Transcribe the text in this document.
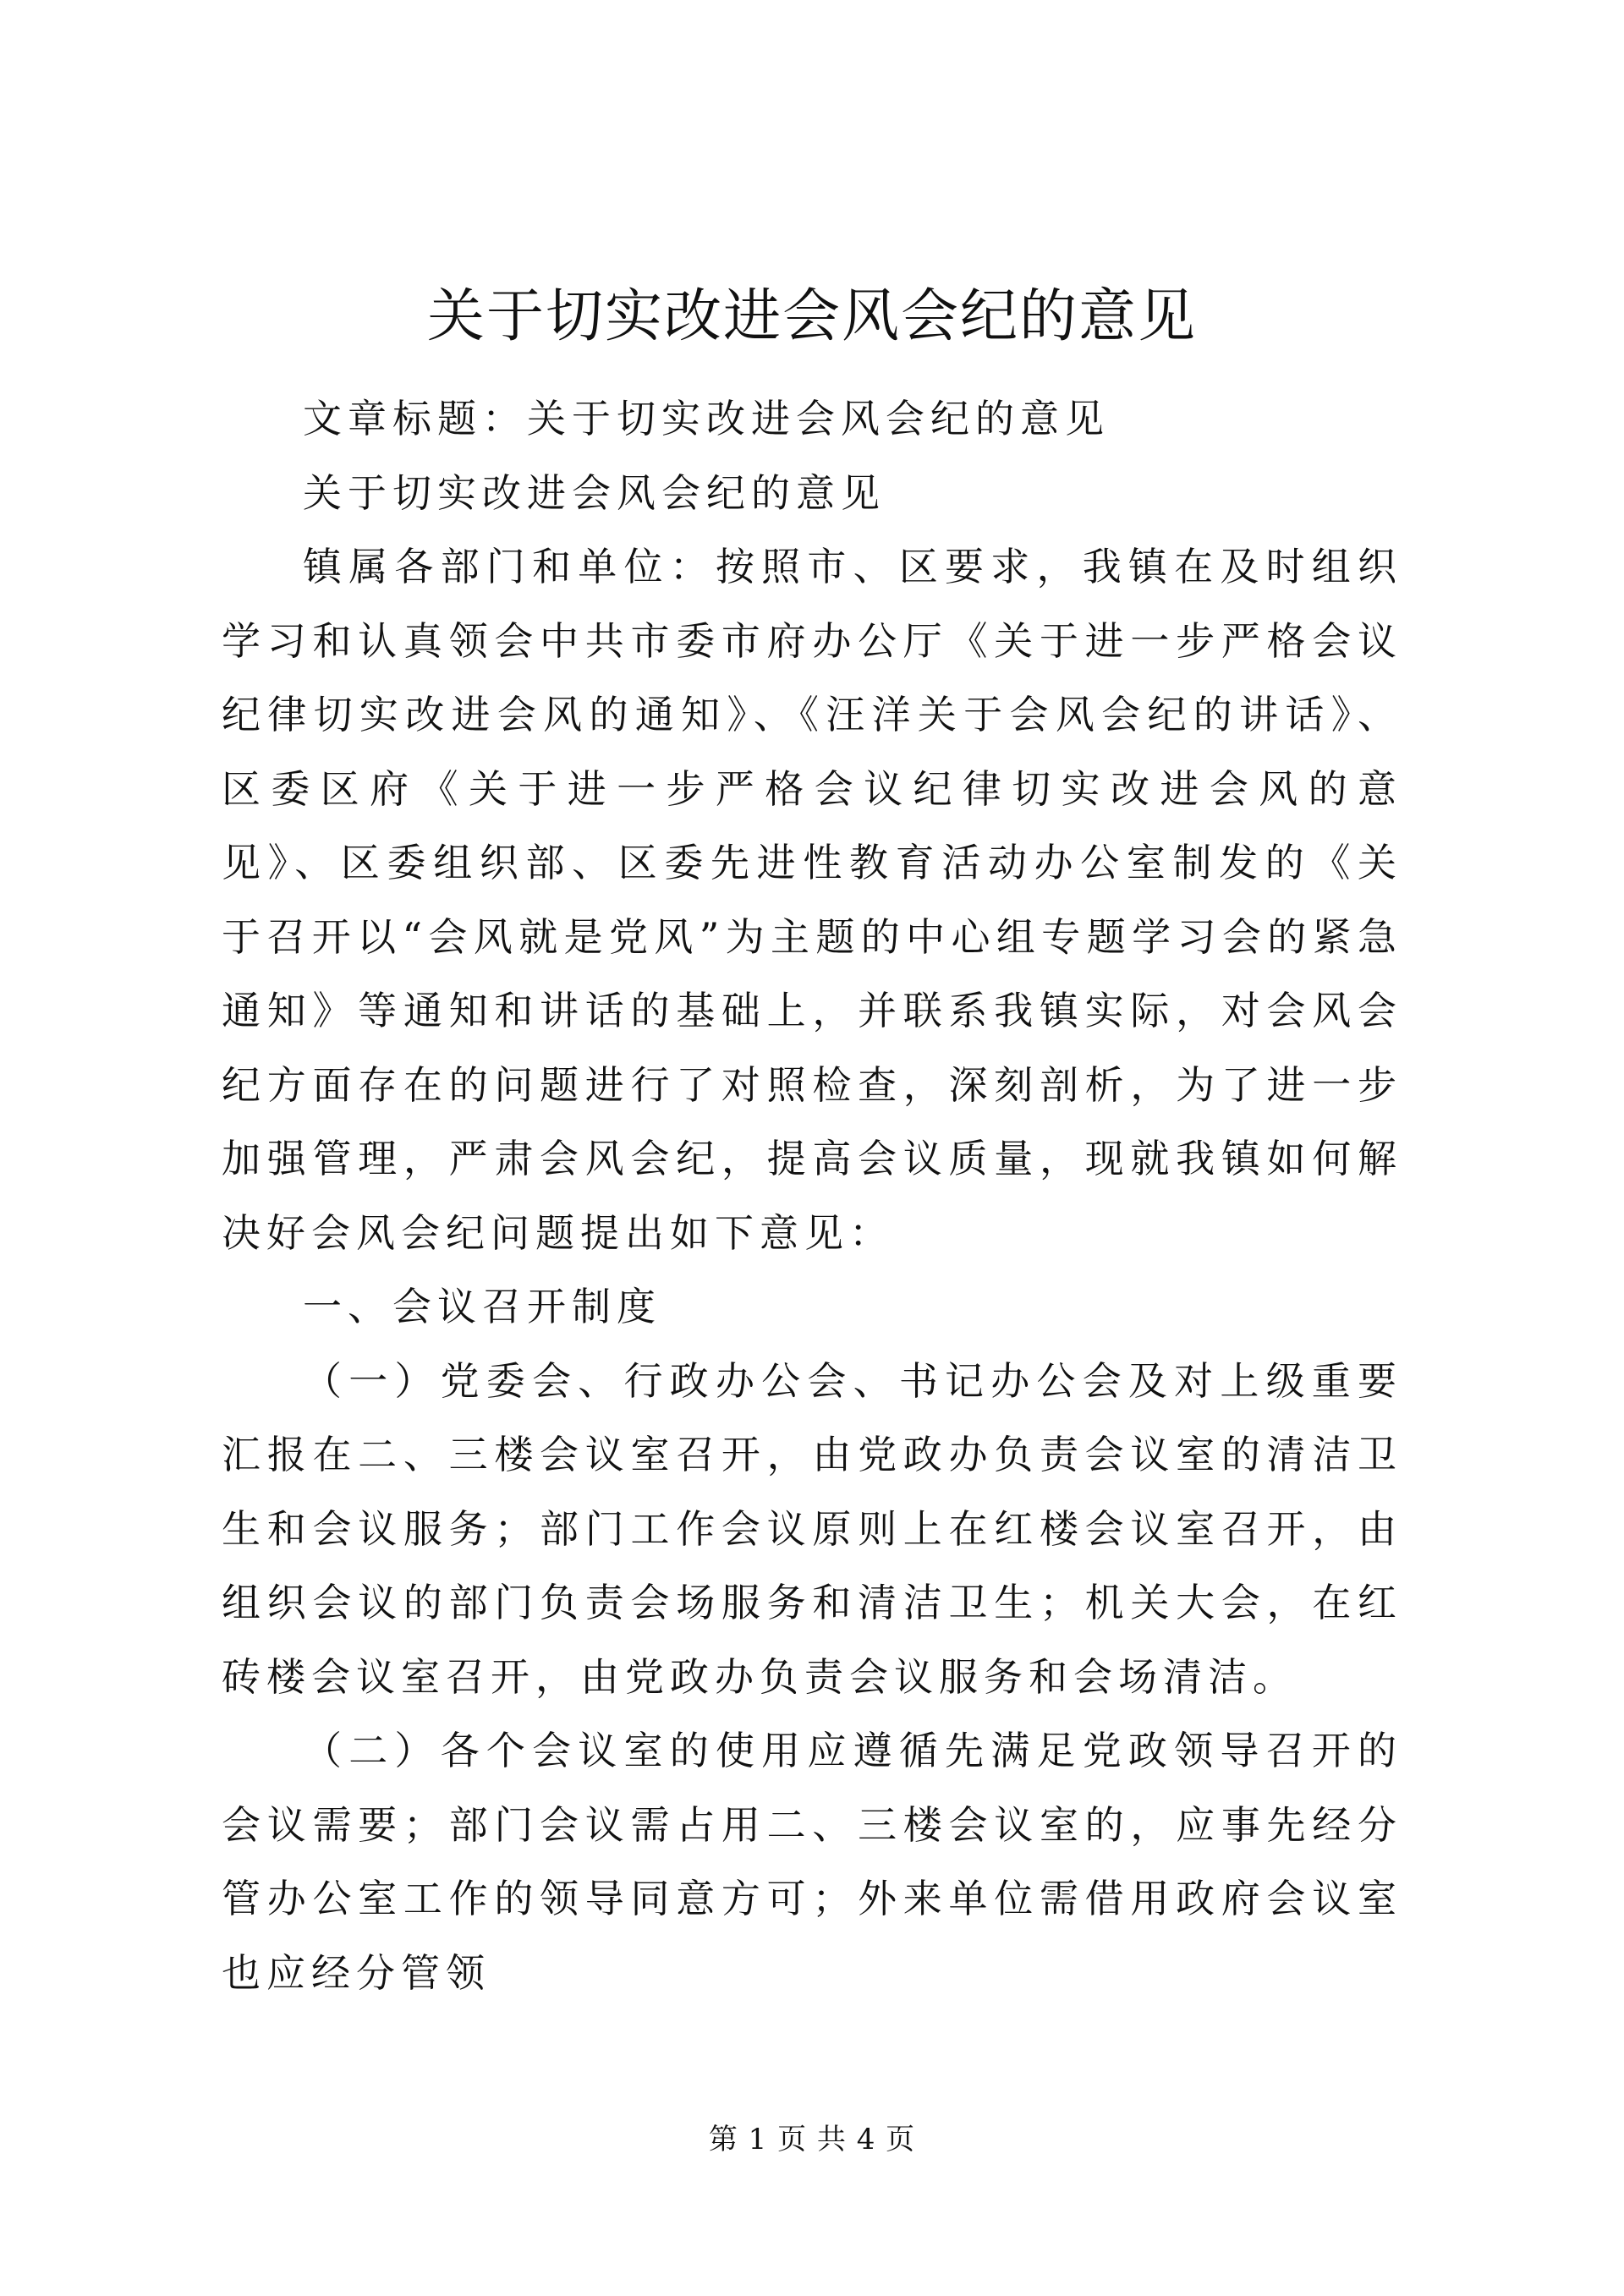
关于切实改进会风会纪的意见

文章标题：关于切实改进会风会纪的意见

关于切实改进会风会纪的意见

镇属各部门和单位：按照市、区要求，我镇在及时组织学习和认真领会中共市委市府办公厅《关于进一步严格会议纪律切实改进会风的通知》、《汪洋关于会风会纪的讲话》、区委区府《关于进一步严格会议纪律切实改进会风的意见》、区委组织部、区委先进性教育活动办公室制发的《关于召开以“会风就是党风”为主题的中心组专题学习会的紧急通知》等通知和讲话的基础上，并联系我镇实际，对会风会纪方面存在的问题进行了对照检查，深刻剖析，为了进一步加强管理，严肃会风会纪，提高会议质量，现就我镇如何解决好会风会纪问题提出如下意见：

一、会议召开制度

（一）党委会、行政办公会、书记办公会及对上级重要汇报在二、三楼会议室召开，由党政办负责会议室的清洁卫生和会议服务；部门工作会议原则上在红楼会议室召开，由组织会议的部门负责会场服务和清洁卫生；机关大会，在红砖楼会议室召开，由党政办负责会议服务和会场清洁。

（二）各个会议室的使用应遵循先满足党政领导召开的会议需要；部门会议需占用二、三楼会议室的，应事先经分管办公室工作的领导同意方可；外来单位需借用政府会议室也应经分管领

第 1 页 共 4 页
